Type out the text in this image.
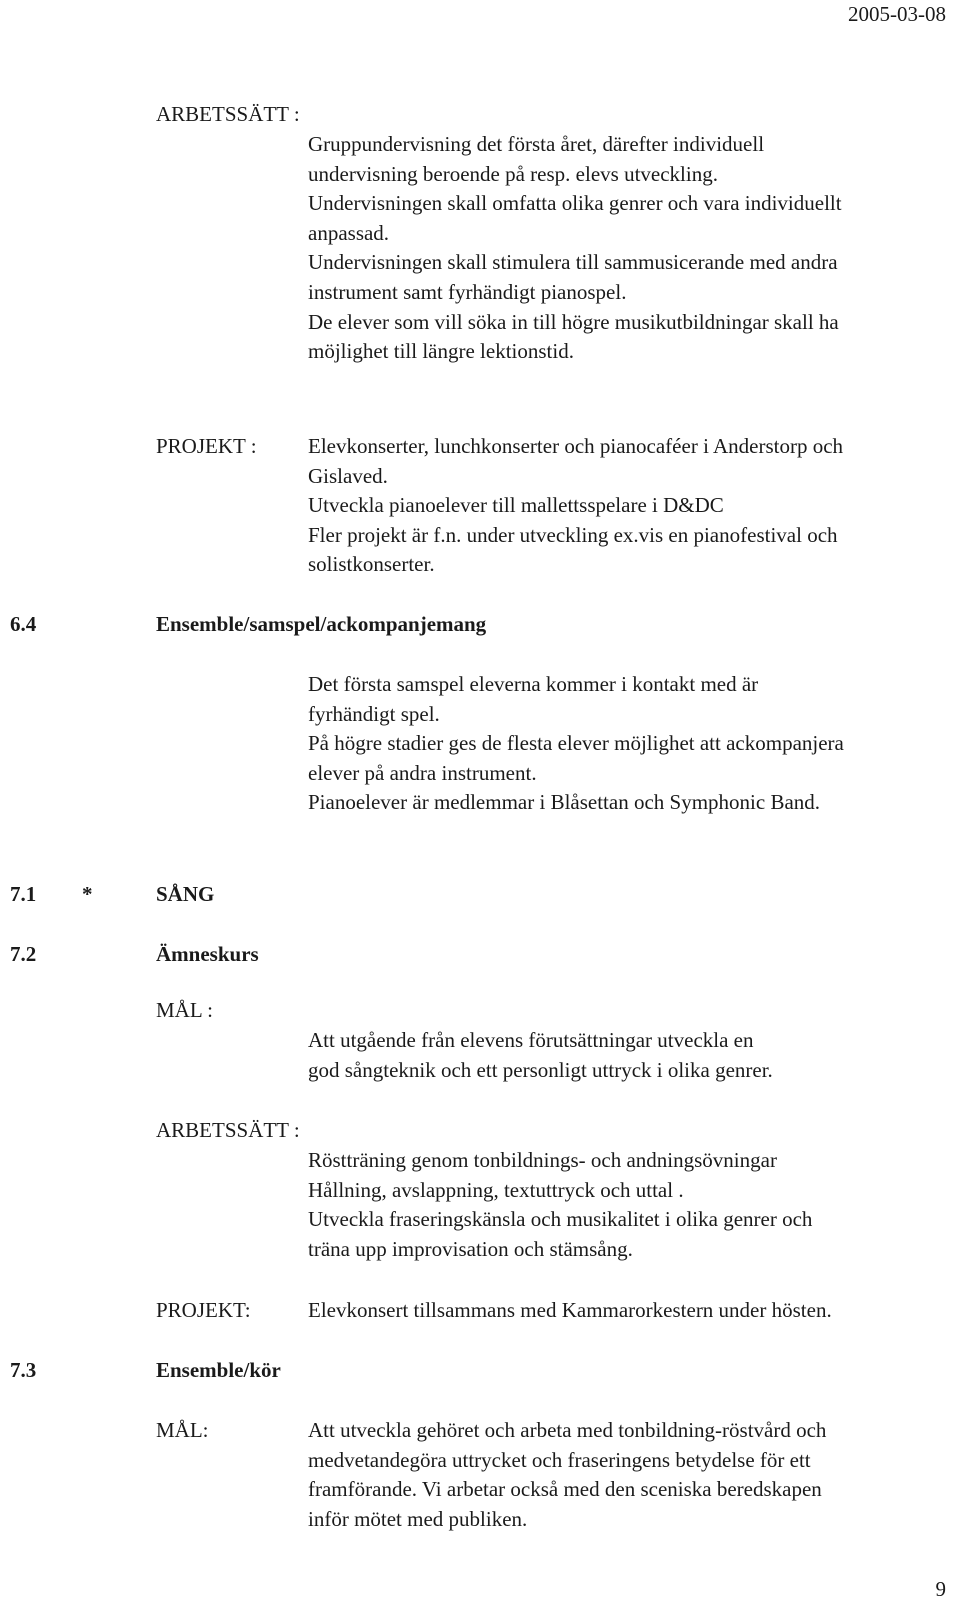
2005-03-08
ARBETSSÄTT :
Gruppundervisning det första året, därefter individuell
undervisning beroende på resp. elevs utveckling.
Undervisningen skall omfatta olika genrer och vara individuellt
anpassad.
Undervisningen skall stimulera till sammusicerande med andra
instrument samt fyrhändigt pianospel.
De elever som vill söka in till högre musikutbildningar skall ha
möjlighet till längre lektionstid.
PROJEKT : Elevkonserter, lunchkonserter och pianocaféer i Anderstorp och
Gislaved.
Utveckla pianoelever till mallettsspelare i D&DC
Fler projekt är f.n. under utveckling ex.vis en pianofestival och
solistkonserter.
6.4	Ensemble/samspel/ackompanjemang
Det första samspel eleverna kommer i kontakt med är
fyrhändigt spel.
På högre stadier ges de flesta elever möjlighet att ackompanjera
elever på andra instrument.
Pianoelever är medlemmar i Blåsettan och Symphonic Band.
7.1 *	SÅNG
7.2	Ämneskurs
MÅL :
Att utgående från elevens förutsättningar utveckla en
god sångteknik och ett personligt uttryck i olika genrer.
ARBETSSÄTT :
Röstträning genom tonbildnings- och andningsövningar
Hållning, avslappning, textuttryck och uttal .
Utveckla fraseringskänsla och musikalitet i olika genrer och
träna upp improvisation och stämsång.
PROJEKT:	Elevkonsert tillsammans med Kammarorkestern under hösten.
7.3	Ensemble/kör
MÅL:	Att utveckla gehöret och arbeta med tonbildning-röstvård och
medvetandegöra uttrycket och fraseringens betydelse för ett
framförande. Vi arbetar också med den sceniska beredskapen
inför mötet med publiken.
9
